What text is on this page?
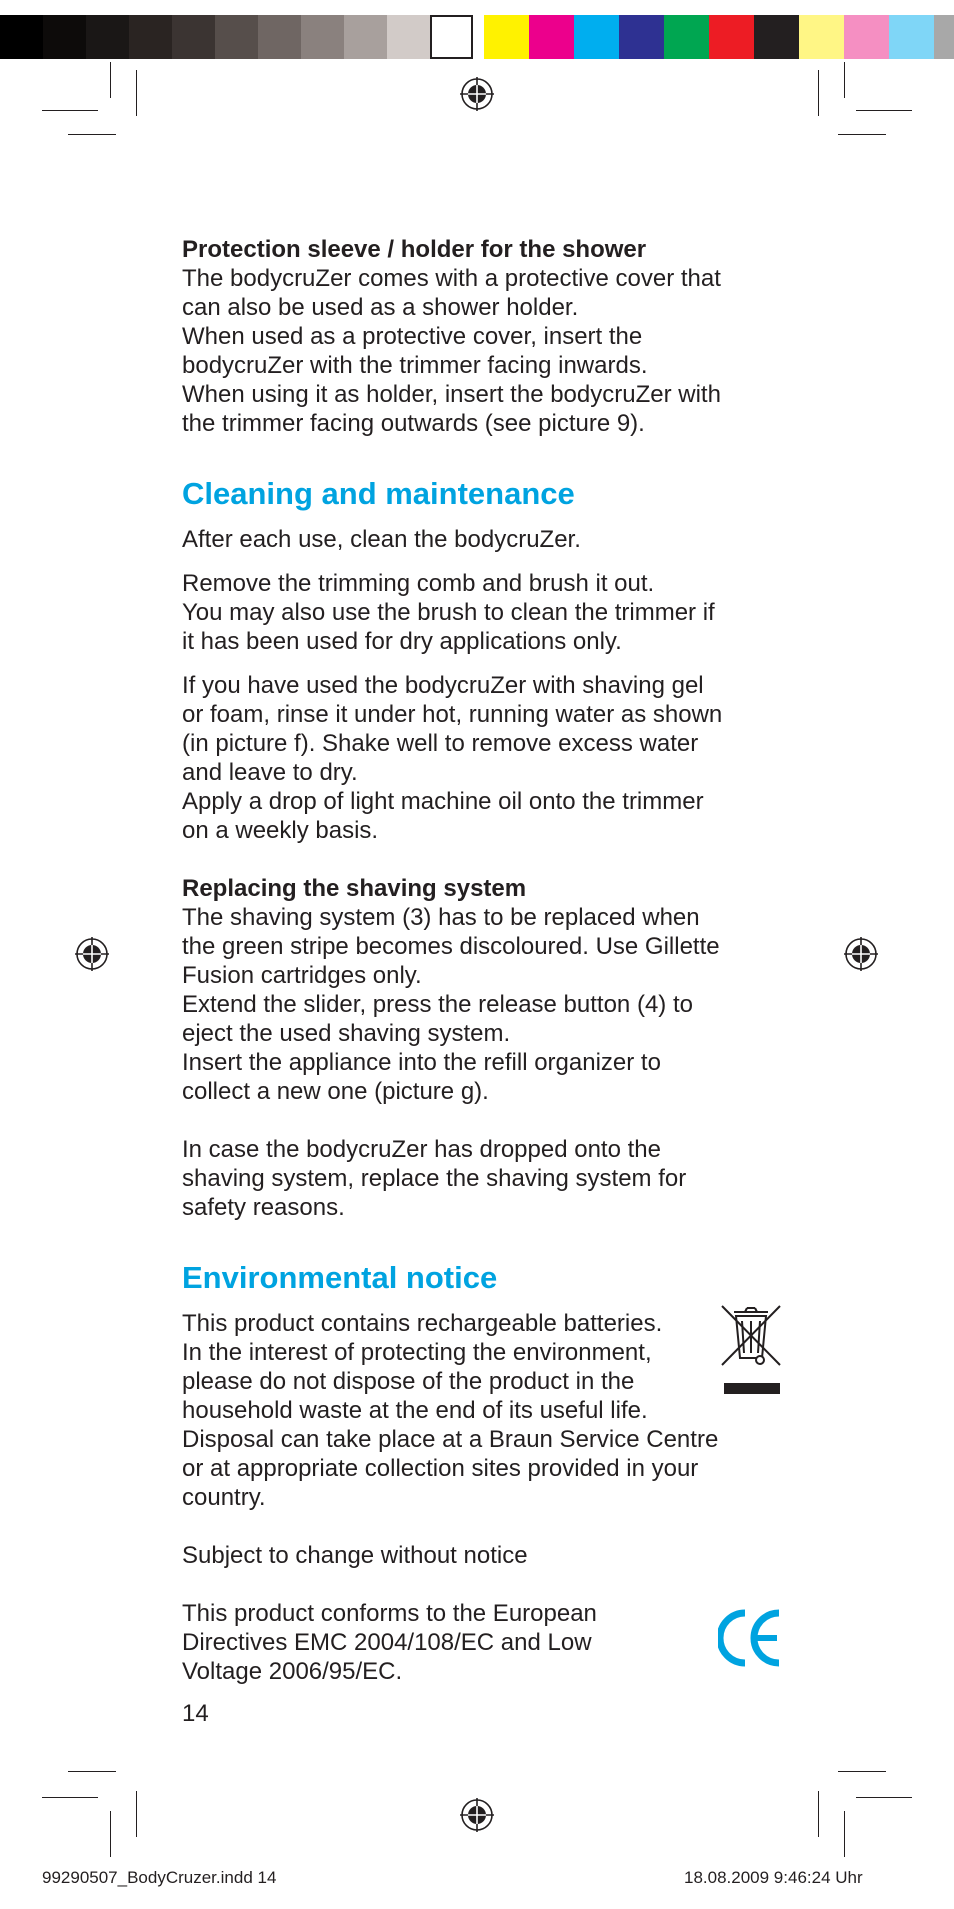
Protection sleeve / holder for the shower

The bodycruZer comes with a protective cover that
can also be used as a shower holder.
When used as a protective cover, insert the
bodycruZer with the trimmer facing inwards.
When using it as holder, insert the bodycruZer with
the trimmer facing outwards (see picture 9).

Cleaning and maintenance

After each use, clean the bodycruZer.

Remove the trimming comb and brush it out.
You may also use the brush to clean the trimmer if
it has been used for dry applications only.

If you have used the bodycruZer with shaving gel
or foam, rinse it under hot, running water as shown
(in picture f). Shake well to remove excess water
and leave to dry.
Apply a drop of light machine oil onto the trimmer
on a weekly basis.

Replacing the shaving system

The shaving system (3) has to be replaced when
the green stripe becomes discoloured. Use Gillette
Fusion cartridges only.
Extend the slider, press the release button (4) to
eject the used shaving system.
Insert the appliance into the refill organizer to
collect a new one (picture g).

In case the bodycruZer has dropped onto the
shaving system, replace the shaving system for
safety reasons.

Environmental notice

This product contains rechargeable batteries.
In the interest of protecting the environment,
please do not dispose of the product in the
household waste at the end of its useful life.
Disposal can take place at a Braun Service Centre
or at appropriate collection sites provided in your
country.

Subject to change without notice

This product conforms to the European
Directives EMC 2004/108/EC and Low
Voltage 2006/95/EC.

14
99290507_BodyCruzer.indd 14	18.08.2009 9:46:24 Uhr
